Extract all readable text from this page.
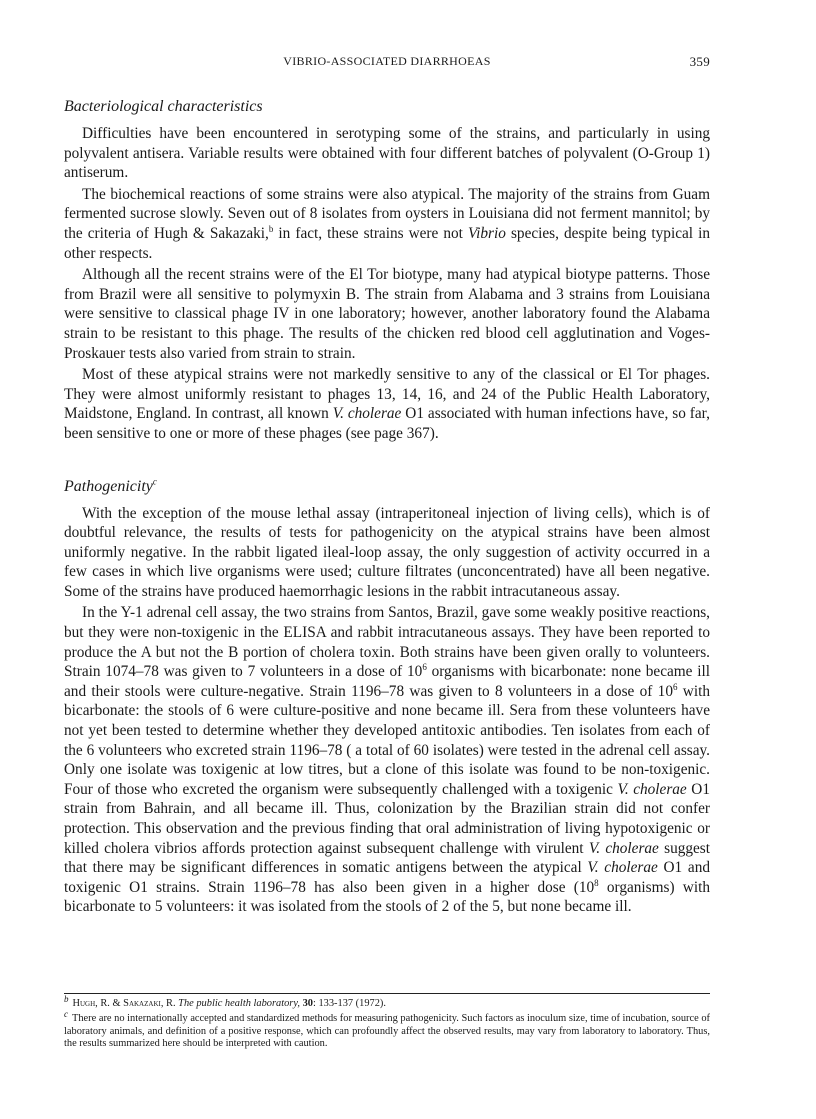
VIBRIO-ASSOCIATED DIARRHOEAS	359
Bacteriological characteristics

Difficulties have been encountered in serotyping some of the strains, and particularly in using polyvalent antisera. Variable results were obtained with four different batches of polyvalent (O-Group 1) antiserum.

The biochemical reactions of some strains were also atypical. The majority of the strains from Guam fermented sucrose slowly. Seven out of 8 isolates from oysters in Louisiana did not ferment mannitol; by the criteria of Hugh & Sakazaki,$^b$ in fact, these strains were not Vibrio species, despite being typical in other respects.

Although all the recent strains were of the El Tor biotype, many had atypical biotype patterns. Those from Brazil were all sensitive to polymyxin B. The strain from Alabama and 3 strains from Louisiana were sensitive to classical phage IV in one laboratory; however, another laboratory found the Alabama strain to be resistant to this phage. The results of the chicken red blood cell agglutination and Voges-Proskauer tests also varied from strain to strain.

Most of these atypical strains were not markedly sensitive to any of the classical or El Tor phages. They were almost uniformly resistant to phages 13, 14, 16, and 24 of the Public Health Laboratory, Maidstone, England. In contrast, all known V. cholerae O1 associated with human infections have, so far, been sensitive to one or more of these phages (see page 367).

Pathogenicity$^c$

With the exception of the mouse lethal assay (intraperitoneal injection of living cells), which is of doubtful relevance, the results of tests for pathogenicity on the atypical strains have been almost uniformly negative. In the rabbit ligated ileal-loop assay, the only suggestion of activity occurred in a few cases in which live organisms were used; culture filtrates (unconcentrated) have all been negative. Some of the strains have produced haemorrhagic lesions in the rabbit intracutaneous assay.

In the Y-1 adrenal cell assay, the two strains from Santos, Brazil, gave some weakly positive reactions, but they were non-toxigenic in the ELISA and rabbit intracutaneous assays. They have been reported to produce the A but not the B portion of cholera toxin. Both strains have been given orally to volunteers. Strain 1074–78 was given to 7 volunteers in a dose of $10^6$ organisms with bicarbonate: none became ill and their stools were culture-negative. Strain 1196–78 was given to 8 volunteers in a dose of $10^6$ with bicarbonate: the stools of 6 were culture-positive and none became ill. Sera from these volunteers have not yet been tested to determine whether they developed antitoxic antibodies. Ten isolates from each of the 6 volunteers who excreted strain 1196–78 ( a total of 60 isolates) were tested in the adrenal cell assay. Only one isolate was toxigenic at low titres, but a clone of this isolate was found to be non-toxigenic. Four of those who excreted the organism were subsequently challenged with a toxigenic V. cholerae O1 strain from Bahrain, and all became ill. Thus, colonization by the Brazilian strain did not confer protection. This observation and the previous finding that oral administration of living hypotoxigenic or killed cholera vibrios affords protection against subsequent challenge with virulent V. cholerae suggest that there may be significant differences in somatic antigens between the atypical V. cholerae O1 and toxigenic O1 strains. Strain 1196–78 has also been given in a higher dose ($10^8$ organisms) with bicarbonate to 5 volunteers: it was isolated from the stools of 2 of the 5, but none became ill.

$^b$ Hugh, R. & Sakazaki, R. The public health laboratory, 30: 133-137 (1972).

$^c$ There are no internationally accepted and standardized methods for measuring pathogenicity. Such factors as inoculum size, time of incubation, source of laboratory animals, and definition of a positive response, which can profoundly affect the observed results, may vary from laboratory to laboratory. Thus, the results summarized here should be interpreted with caution.
